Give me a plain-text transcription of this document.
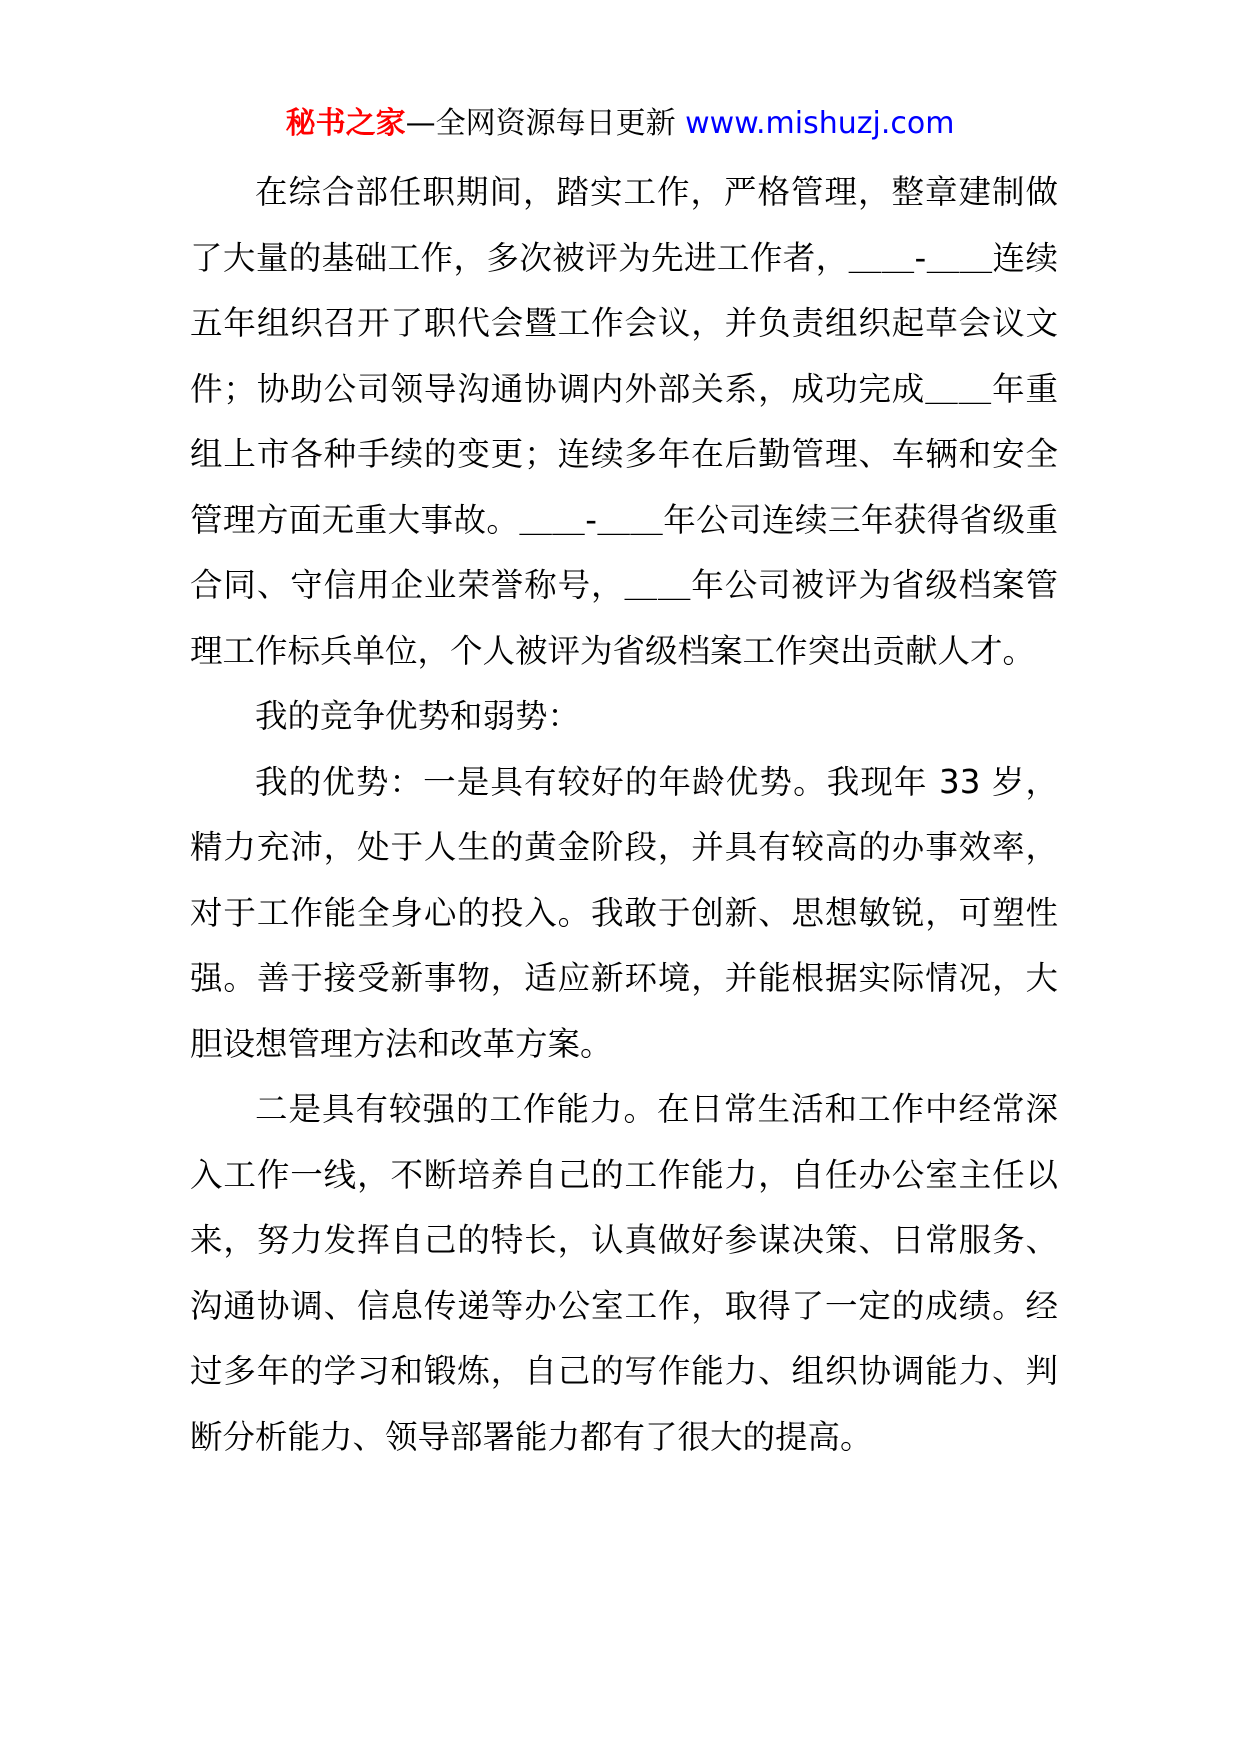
秘书之家—全网资源每日更新 www.mishuzj.com

在综合部任职期间，踏实工作，严格管理，整章建制做了大量的基础工作，多次被评为先进工作者，＿＿-＿＿连续五年组织召开了职代会暨工作会议，并负责组织起草会议文件；协助公司领导沟通协调内外部关系，成功完成＿＿年重组上市各种手续的变更；连续多年在后勤管理、车辆和安全管理方面无重大事故。＿＿-＿＿年公司连续三年获得省级重合同、守信用企业荣誉称号，＿＿年公司被评为省级档案管理工作标兵单位，个人被评为省级档案工作突出贡献人才。

我的竞争优势和弱势：

我的优势：一是具有较好的年龄优势。我现年 33 岁，精力充沛，处于人生的黄金阶段，并具有较高的办事效率，对于工作能全身心的投入。我敢于创新、思想敏锐，可塑性强。善于接受新事物，适应新环境，并能根据实际情况，大胆设想管理方法和改革方案。

二是具有较强的工作能力。在日常生活和工作中经常深入工作一线，不断培养自己的工作能力，自任办公室主任以来，努力发挥自己的特长，认真做好参谋决策、日常服务、沟通协调、信息传递等办公室工作，取得了一定的成绩。经过多年的学习和锻炼，自己的写作能力、组织协调能力、判断分析能力、领导部署能力都有了很大的提高。
